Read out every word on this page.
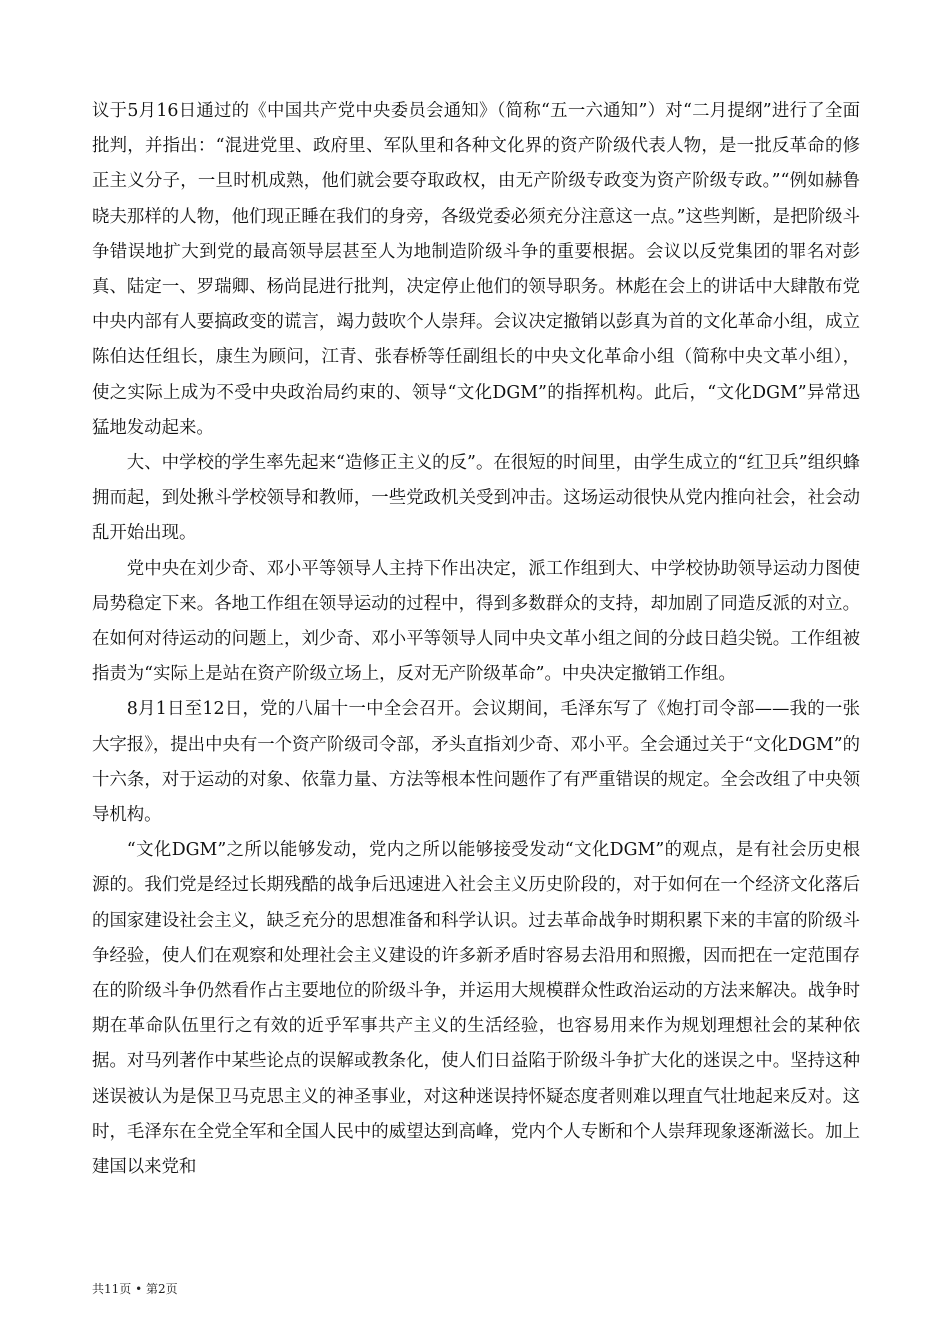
议于5月16日通过的《中国共产党中央委员会通知》（简称“五一六通知”）对“二月提纲”进行了全面批判，并指出：“混进党里、政府里、军队里和各种文化界的资产阶级代表人物，是一批反革命的修正主义分子，一旦时机成熟，他们就会要夺取政权，由无产阶级专政变为资产阶级专政。”“例如赫鲁晓夫那样的人物，他们现正睡在我们的身旁，各级党委必须充分注意这一点。”这些判断，是把阶级斗争错误地扩大到党的最高领导层甚至人为地制造阶级斗争的重要根据。会议以反党集团的罪名对彭真、陆定一、罗瑞卿、杨尚昆进行批判，决定停止他们的领导职务。林彪在会上的讲话中大肆散布党中央内部有人要搞政变的谎言，竭力鼓吹个人崇拜。会议决定撤销以彭真为首的文化革命小组，成立陈伯达任组长，康生为顾问，江青、张春桥等任副组长的中央文化革命小组（简称中央文革小组），使之实际上成为不受中央政治局约束的、领导“文化DGM”的指挥机构。此后，“文化DGM”异常迅猛地发动起来。

大、中学校的学生率先起来“造修正主义的反”。在很短的时间里，由学生成立的“红卫兵”组织蜂拥而起，到处揪斗学校领导和教师，一些党政机关受到冲击。这场运动很快从党内推向社会，社会动乱开始出现。

党中央在刘少奇、邓小平等领导人主持下作出决定，派工作组到大、中学校协助领导运动力图使局势稳定下来。各地工作组在领导运动的过程中，得到多数群众的支持，却加剧了同造反派的对立。在如何对待运动的问题上，刘少奇、邓小平等领导人同中央文革小组之间的分歧日趋尖锐。工作组被指责为“实际上是站在资产阶级立场上，反对无产阶级革命”。中央决定撤销工作组。

8月1日至12日，党的八届十一中全会召开。会议期间，毛泽东写了《炮打司令部——我的一张大字报》，提出中央有一个资产阶级司令部，矛头直指刘少奇、邓小平。全会通过关于“文化DGM”的十六条，对于运动的对象、依靠力量、方法等根本性问题作了有严重错误的规定。全会改组了中央领导机构。

“文化DGM”之所以能够发动，党内之所以能够接受发动“文化DGM”的观点，是有社会历史根源的。我们党是经过长期残酷的战争后迅速进入社会主义历史阶段的，对于如何在一个经济文化落后的国家建设社会主义，缺乏充分的思想准备和科学认识。过去革命战争时期积累下来的丰富的阶级斗争经验，使人们在观察和处理社会主义建设的许多新矛盾时容易去沿用和照搬，因而把在一定范围存在的阶级斗争仍然看作占主要地位的阶级斗争，并运用大规模群众性政治运动的方法来解决。战争时期在革命队伍里行之有效的近乎军事共产主义的生活经验，也容易用来作为规划理想社会的某种依据。对马列著作中某些论点的误解或教条化，使人们日益陷于阶级斗争扩大化的迷误之中。坚持这种迷误被认为是保卫马克思主义的神圣事业，对这种迷误持怀疑态度者则难以理直气壮地起来反对。这时，毛泽东在全党全军和全国人民中的威望达到高峰，党内个人专断和个人崇拜现象逐渐滋长。加上建国以来党和

共11页 • 第2页
